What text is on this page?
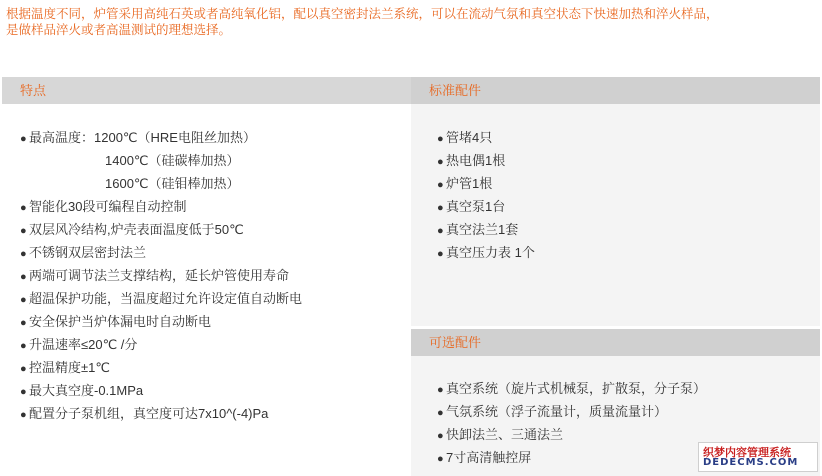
根据温度不同，炉管采用高纯石英或者高纯氧化铝，配以真空密封法兰系统，可以在流动气氛和真空状态下快速加热和淬火样品，

是做样品淬火或者高温测试的理想选择。

特点
● 最高温度：1200℃（HRE电阻丝加热）
1400℃（硅碳棒加热）
1600℃（硅钼棒加热）
● 智能化30段可编程自动控制
● 双层风冷结构,炉壳表面温度低于50℃
● 不锈钢双层密封法兰
● 两端可调节法兰支撑结构，延长炉管使用寿命
● 超温保护功能，当温度超过允许设定值自动断电
● 安全保护当炉体漏电时自动断电
● 升温速率≤20℃ /分
● 控温精度±1℃
● 最大真空度-0.1MPa
● 配置分子泵机组，真空度可达7x10^(-4)Pa
标准配件
● 管堵4只
● 热电偶1根
● 炉管1根
● 真空泵1台
● 真空法兰1套
● 真空压力表 1个
可选配件
● 真空系统（旋片式机械泵，扩散泵，分子泵）
● 气氛系统（浮子流量计，质量流量计）
● 快卸法兰、三通法兰
● 7寸高清触控屏	织梦内容管理系统
DEDECMS.COM
